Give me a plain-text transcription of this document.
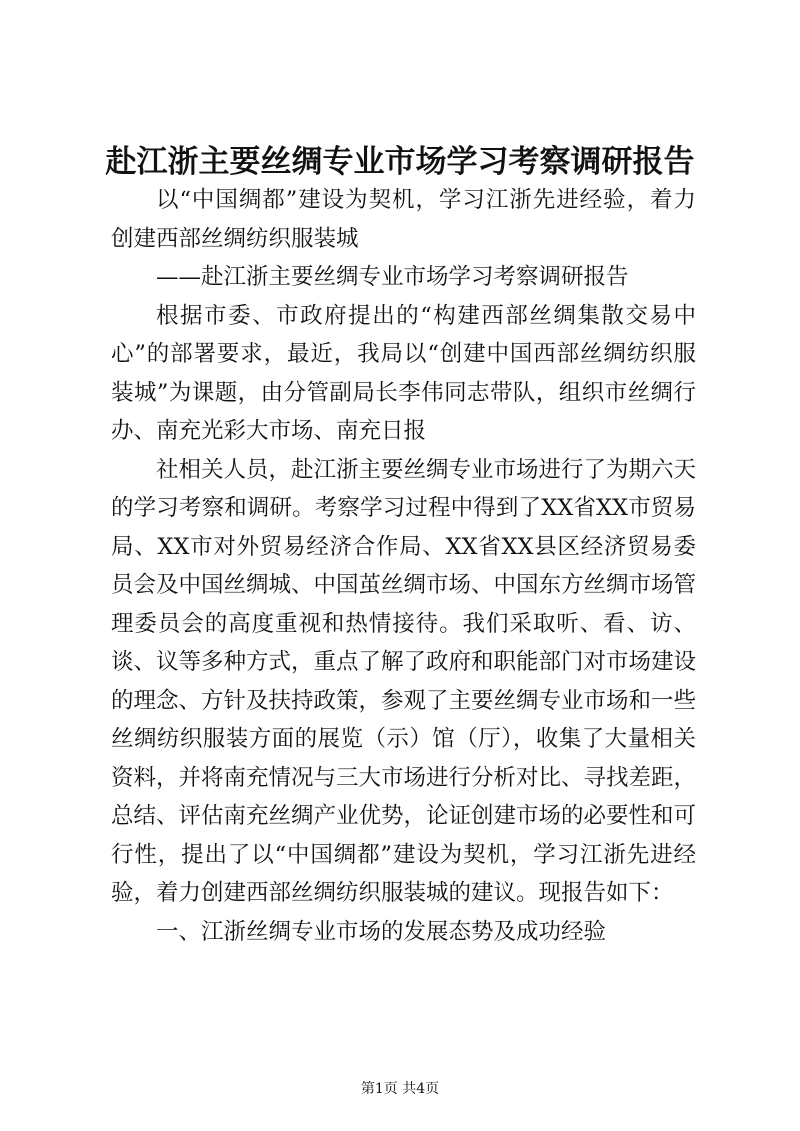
赴江浙主要丝绸专业市场学习考察调研报告

以“中国绸都”建设为契机，学习江浙先进经验，着力创建西部丝绸纺织服装城

——赴江浙主要丝绸专业市场学习考察调研报告

根据市委、市政府提出的“构建西部丝绸集散交易中心”的部署要求，最近，我局以“创建中国西部丝绸纺织服装城”为课题，由分管副局长李伟同志带队，组织市丝绸行办、南充光彩大市场、南充日报

社相关人员，赴江浙主要丝绸专业市场进行了为期六天的学习考察和调研。考察学习过程中得到了XX省XX市贸易局、XX市对外贸易经济合作局、XX省XX县区经济贸易委员会及中国丝绸城、中国茧丝绸市场、中国东方丝绸市场管理委员会的高度重视和热情接待。我们采取听、看、访、谈、议等多种方式，重点了解了政府和职能部门对市场建设的理念、方针及扶持政策，参观了主要丝绸专业市场和一些丝绸纺织服装方面的展览（示）馆（厅），收集了大量相关资料，并将南充情况与三大市场进行分析对比、寻找差距，总结、评估南充丝绸产业优势，论证创建市场的必要性和可行性，提出了以“中国绸都”建设为契机，学习江浙先进经验，着力创建西部丝绸纺织服装城的建议。现报告如下：

一、江浙丝绸专业市场的发展态势及成功经验

第1页 共4页
